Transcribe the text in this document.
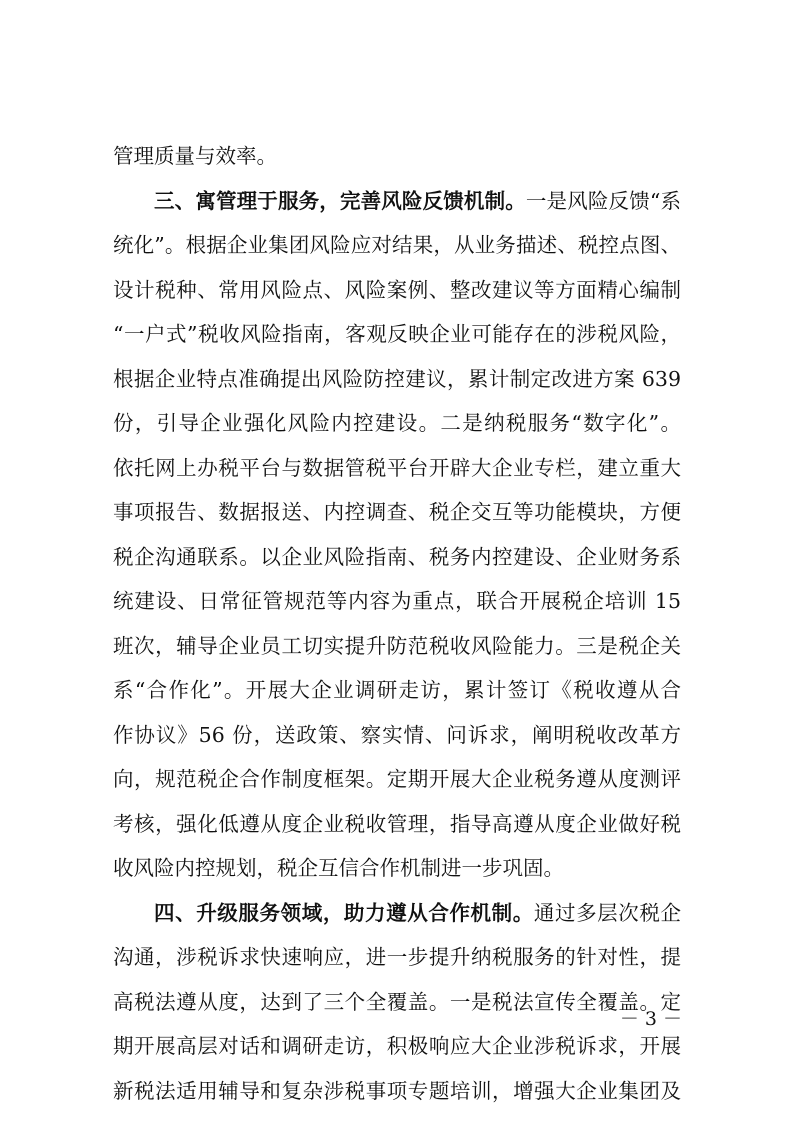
管理质量与效率。
三、寓管理于服务，完善风险反馈机制。一是风险反馈“系
统化”。根据企业集团风险应对结果，从业务描述、税控点图、
设计税种、常用风险点、风险案例、整改建议等方面精心编制
“一户式”税收风险指南，客观反映企业可能存在的涉税风险，
根据企业特点准确提出风险防控建议，累计制定改进方案 639
份，引导企业强化风险内控建设。二是纳税服务“数字化”。
依托网上办税平台与数据管税平台开辟大企业专栏，建立重大
事项报告、数据报送、内控调查、税企交互等功能模块，方便
税企沟通联系。以企业风险指南、税务内控建设、企业财务系
统建设、日常征管规范等内容为重点，联合开展税企培训 15
班次，辅导企业员工切实提升防范税收风险能力。三是税企关
系“合作化”。开展大企业调研走访，累计签订《税收遵从合
作协议》56 份，送政策、察实情、问诉求，阐明税收改革方
向，规范税企合作制度框架。定期开展大企业税务遵从度测评
考核，强化低遵从度企业税收管理，指导高遵从度企业做好税
收风险内控规划，税企互信合作机制进一步巩固。
四、升级服务领域，助力遵从合作机制。通过多层次税企
沟通，涉税诉求快速响应，进一步提升纳税服务的针对性，提
高税法遵从度，达到了三个全覆盖。一是税法宣传全覆盖。定
期开展高层对话和调研走访，积极响应大企业涉税诉求，开展
新税法适用辅导和复杂涉税事项专题培训，增强大企业集团及
－ 3 －
